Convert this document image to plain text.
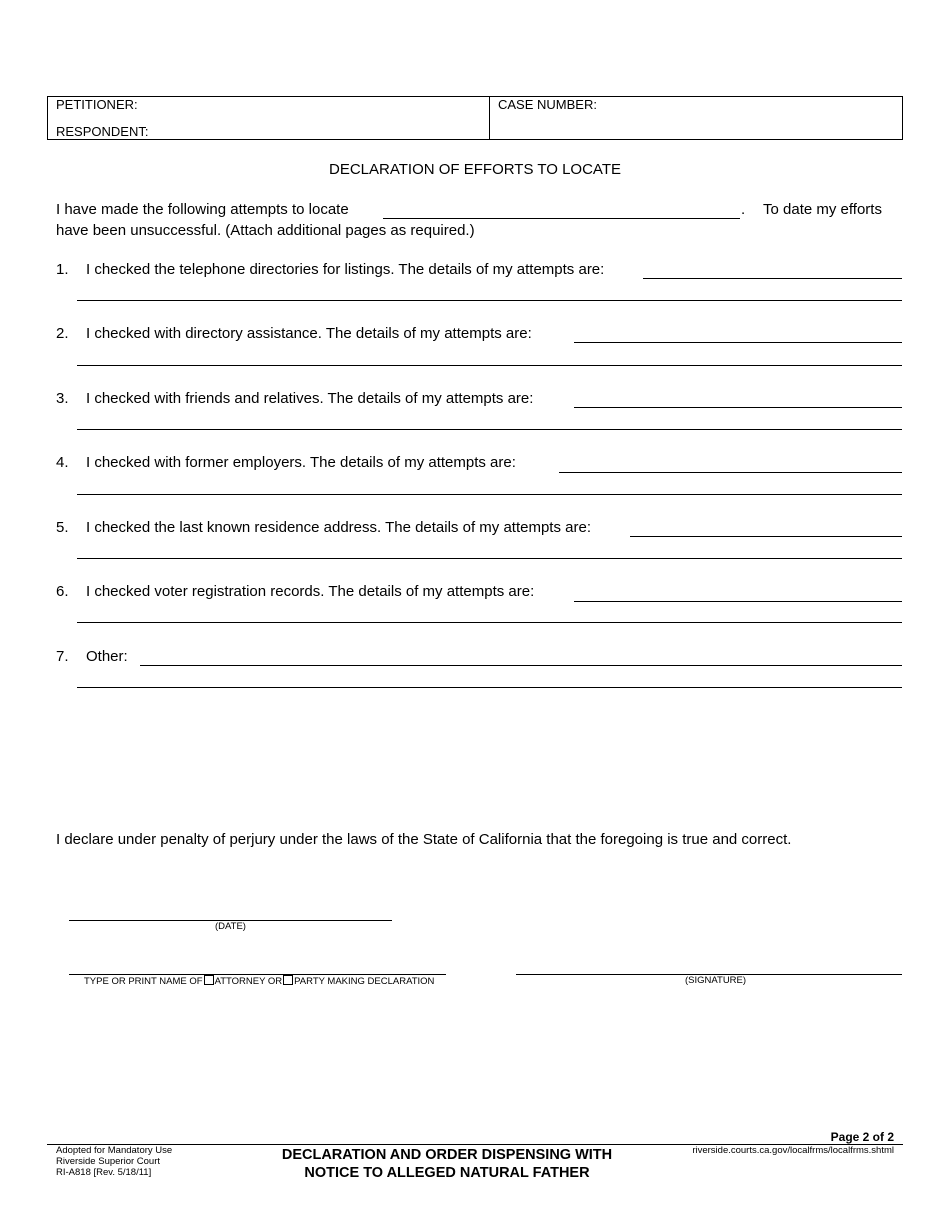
PETITIONER:
RESPONDENT:
CASE NUMBER:
DECLARATION OF EFFORTS TO LOCATE
I have made the following attempts to locate	. To date my efforts
have been unsuccessful. (Attach additional pages as required.)
1. I checked the telephone directories for listings. The details of my attempts are:
2. I checked with directory assistance. The details of my attempts are:
3. I checked with friends and relatives. The details of my attempts are:
4. I checked with former employers. The details of my attempts are:
5. I checked the last known residence address. The details of my attempts are:
6. I checked voter registration records. The details of my attempts are:
7. Other:
I declare under penalty of perjury under the laws of the State of California that the foregoing is true and correct.
(DATE)
TYPE OR PRINT NAME OF ATTORNEY OR PARTY MAKING DECLARATION	(SIGNATURE)
Page 2 of 2
Adopted for Mandatory Use
Riverside Superior Court
RI-A818 [Rev. 5/18/11]
DECLARATION AND ORDER DISPENSING WITH
NOTICE TO ALLEGED NATURAL FATHER
riverside.courts.ca.gov/localfrms/localfrms.shtml
